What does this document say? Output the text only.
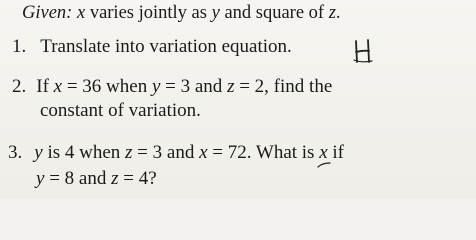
Given: x varies jointly as y and square of z.
1. Translate into variation equation.
2. If x = 36 when y = 3 and z = 2, find the
constant of variation.
3. y is 4 when z = 3 and x = 72. What is x
if
y = 8 and z = 4?
